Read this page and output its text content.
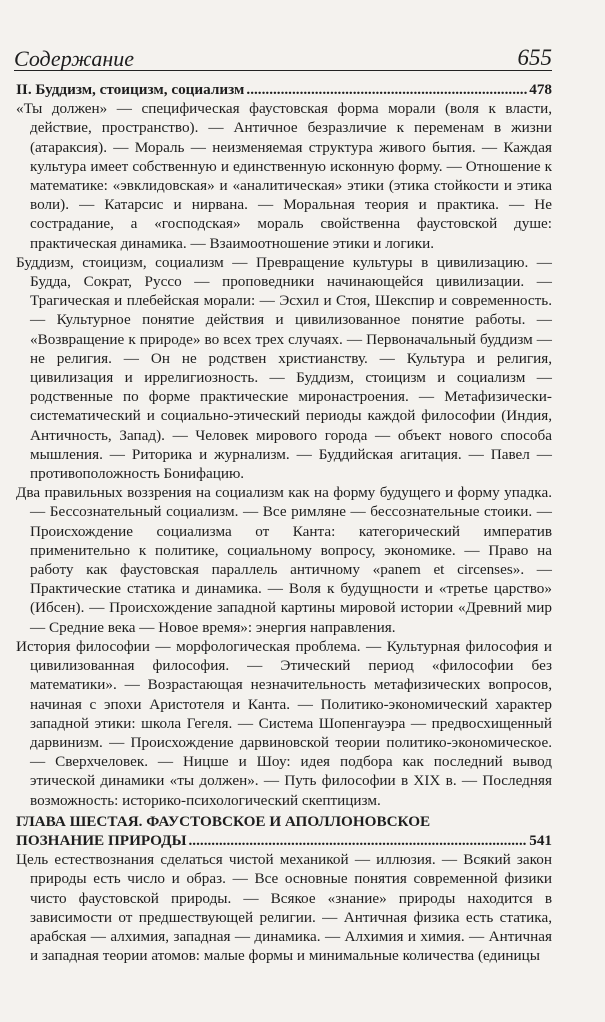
Содержание	655
II. Буддизм, стоицизм, социализм .....	478

«Ты должен» — специфическая фаустовская форма морали (воля к власти, действие, пространство). — Античное безразличие к переменам в жизни (атараксия). — Мораль — неизменяемая структура живого бытия. — Каждая культура имеет собственную и единственную исконную форму. — Отношение к математике: «эвклидовская» и «аналитическая» этики (этика стойкости и этика воли). — Катарсис и нирвана. — Моральная теория и практика. — Не сострадание, а «господская» мораль свойственна фаустовской душе: практическая динамика. — Взаимоотношение этики и логики.

Буддизм, стоицизм, социализм — Превращение культуры в цивилизацию. — Будда, Сократ, Руссо — проповедники начинающейся цивилизации. — Трагическая и плебейская морали: — Эсхил и Стоя, Шекспир и современность. — Культурное понятие действия и цивилизованное понятие работы. — «Возвращение к природе» во всех трех случаях. — Первоначальный буддизм — не религия. — Он не родствен христианству. — Культура и религия, цивилизация и иррелигиозность. — Буддизм, стоицизм и социализм — родственные по форме практические миронастроения. — Метафизически-систематический и социально-этический периоды каждой философии (Индия, Античность, Запад). — Человек мирового города — объект нового способа мышления. — Риторика и журнализм. — Буддийская агитация. — Павел — противоположность Бонифацию.

Два правильных воззрения на социализм как на форму будущего и форму упадка. — Бессознательный социализм. — Все римляне — бессознательные стоики. — Происхождение социализма от Канта: категорический императив применительно к политике, социальному вопросу, экономике. — Право на работу как фаустовская параллель античному «panem et circenses». — Практические статика и динамика. — Воля к будущности и «третье царство» (Ибсен). — Происхождение западной картины мировой истории «Древний мир — Средние века — Новое время»: энергия направления.

История философии — морфологическая проблема. — Культурная философия и цивилизованная философия. — Этический период «философии без математики». — Возрастающая незначительность метафизических вопросов, начиная с эпохи Аристотеля и Канта. — Политико-экономический характер западной этики: школа Гегеля. — Система Шопенгауэра — предвосхищенный дарвинизм. — Происхождение дарвиновской теории политико-экономическое. — Сверхчеловек. — Ницше и Шоу: идея подбора как последний вывод этической динамики «ты должен». — Путь философии в XIX в. — Последняя возможность: историко-психологический скептицизм.

ГЛАВА ШЕСТАЯ. ФАУСТОВСКОЕ И АПОЛЛОНОВСКОЕ
ПОЗНАНИЕ ПРИРОДЫ .....	541

Цель естествознания сделаться чистой механикой — иллюзия. — Всякий закон природы есть число и образ. — Все основные понятия современной физики чисто фаустовской природы. — Всякое «знание» природы находится в зависимости от предшествующей религии. — Античная физика есть статика, арабская — алхимия, западная — динамика. — Алхимия и химия. — Античная и западная теории атомов: малые формы и минимальные количества (единицы
